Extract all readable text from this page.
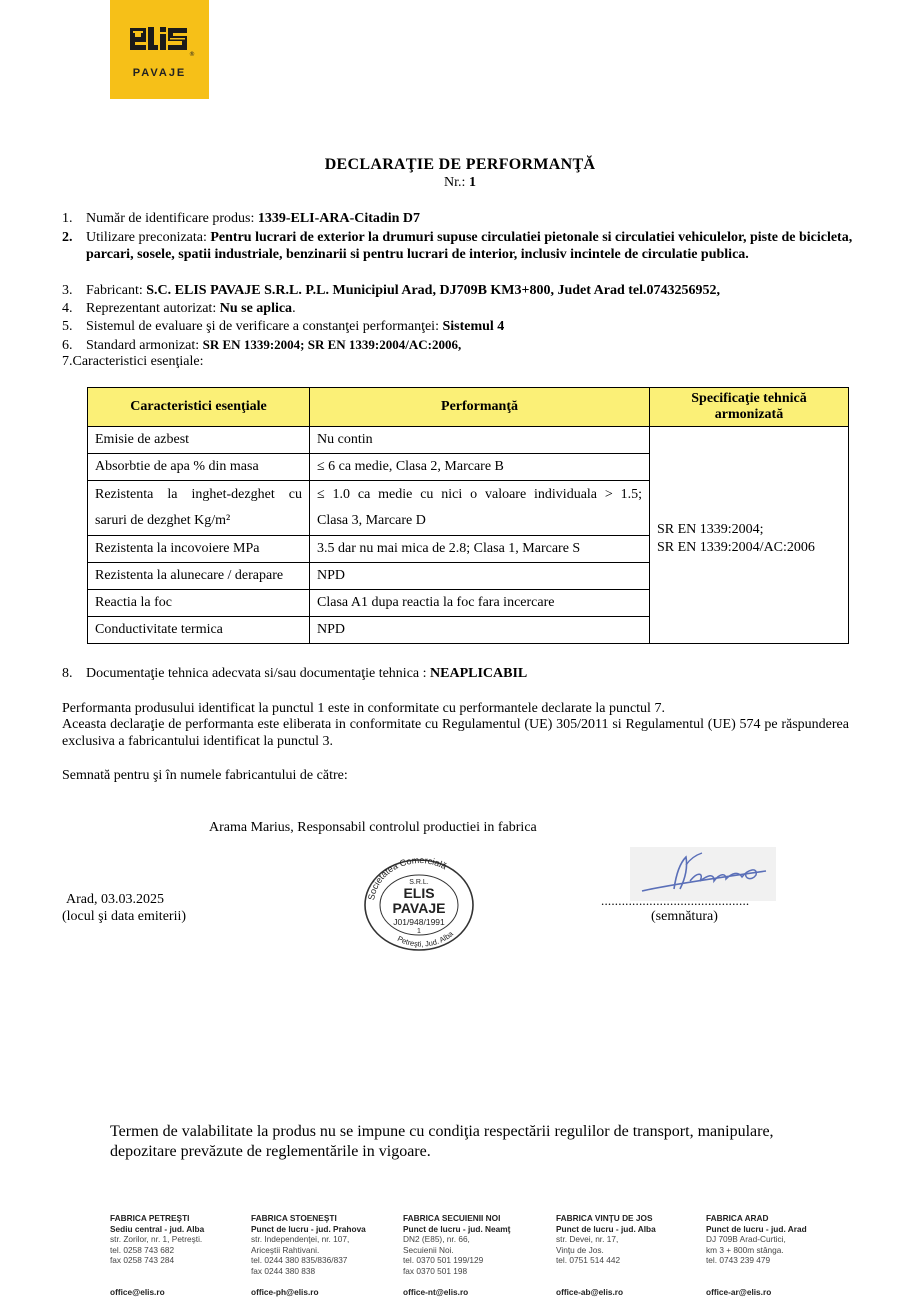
®
PAVAJE
DECLARAŢIE DE PERFORMANŢĂ
Nr.: 1
1. Număr de identificare produs: 1339-ELI-ARA-Citadin D7
2. Utilizare preconizata: Pentru lucrari de exterior la drumuri supuse circulatiei pietonale si circulatiei vehiculelor, piste de bicicleta, parcari, sosele, spatii industriale, benzinarii si pentru lucrari de interior, inclusiv incintele de circulatie publica.
3. Fabricant: S.C. ELIS PAVAJE S.R.L. P.L. Municipiul Arad, DJ709B KM3+800, Judet Arad tel.0743256952,
4. Reprezentant autorizat: Nu se aplica.
5. Sistemul de evaluare şi de verificare a constanţei performanţei: Sistemul 4
6. Standard armonizat: SR EN 1339:2004; SR EN 1339:2004/AC:2006,
7.Caracteristici esenţiale:
Caracteristici esenţiale	Performanţă	Specificaţie tehnică armonizată
Emisie de azbest	Nu contin	SR EN 1339:2004;
SR EN 1339:2004/AC:2006
Absorbtie de apa % din masa	≤ 6 ca medie, Clasa 2, Marcare B

Rezistenta la inghet-dezghet cu
saruri de dezghet Kg/m²	
≤ 1.0 ca medie cu nici o valoare individuala > 1.5;
Clasa 3, Marcare D
Rezistenta la incovoiere MPa	3.5 dar nu mai mica de 2.8; Clasa 1, Marcare S
Rezistenta la alunecare / derapare	NPD
Reactia la foc	Clasa A1 dupa reactia la foc fara incercare
Conductivitate termica	NPD
8. Documentaţie tehnica adecvata si/sau documentaţie tehnica : NEAPLICABIL
Performanta produsului identificat la punctul 1 este in conformitate cu performantele declarate la punctul 7.
Aceasta declaraţie de performanta este eliberata in conformitate cu Regulamentul (UE) 305/2011 si Regulamentul (UE) 574 pe răspunderea exclusiva a fabricantului identificat la punctul 3.
Semnată pentru şi în numele fabricantului de către:
Arama Marius, Responsabil controlul productiei in fabrica
Arad, 03.03.2025
(locul şi data emiterii)
Societatea Comercială
S.R.L.
ELIS
PAVAJE
J01/948/1991
1
Petreşti, Jud. Alba
...........................................
(semnătura)
Termen de valabilitate la produs nu se impune cu condiţia respectării regulilor de transport, manipulare, depozitare prevăzute de reglementările in vigoare.
FABRICA PETREŞTI
Sediu central - jud. Alba
str. Zorilor, nr. 1, Petreşti.
tel. 0258 743 682
fax 0258 743 284
office@elis.ro
FABRICA STOENEŞTI
Punct de lucru - jud. Prahova
str. Independenţei, nr. 107,
Ariceştii Rahtivani.
tel. 0244 380 835/836/837
fax 0244 380 838
office-ph@elis.ro
FABRICA SECUIENII NOI
Punct de lucru - jud. Neamţ
DN2 (E85), nr. 66,
Secuienii Noi.
tel. 0370 501 199/129
fax 0370 501 198
office-nt@elis.ro
FABRICA VINŢU DE JOS
Punct de lucru - jud. Alba
str. Devei, nr. 17,
Vinţu de Jos.
tel. 0751 514 442
office-ab@elis.ro
FABRICA ARAD
Punct de lucru - jud. Arad
DJ 709B Arad-Curtici,
km 3 + 800m stânga.
tel. 0743 239 479
office-ar@elis.ro
